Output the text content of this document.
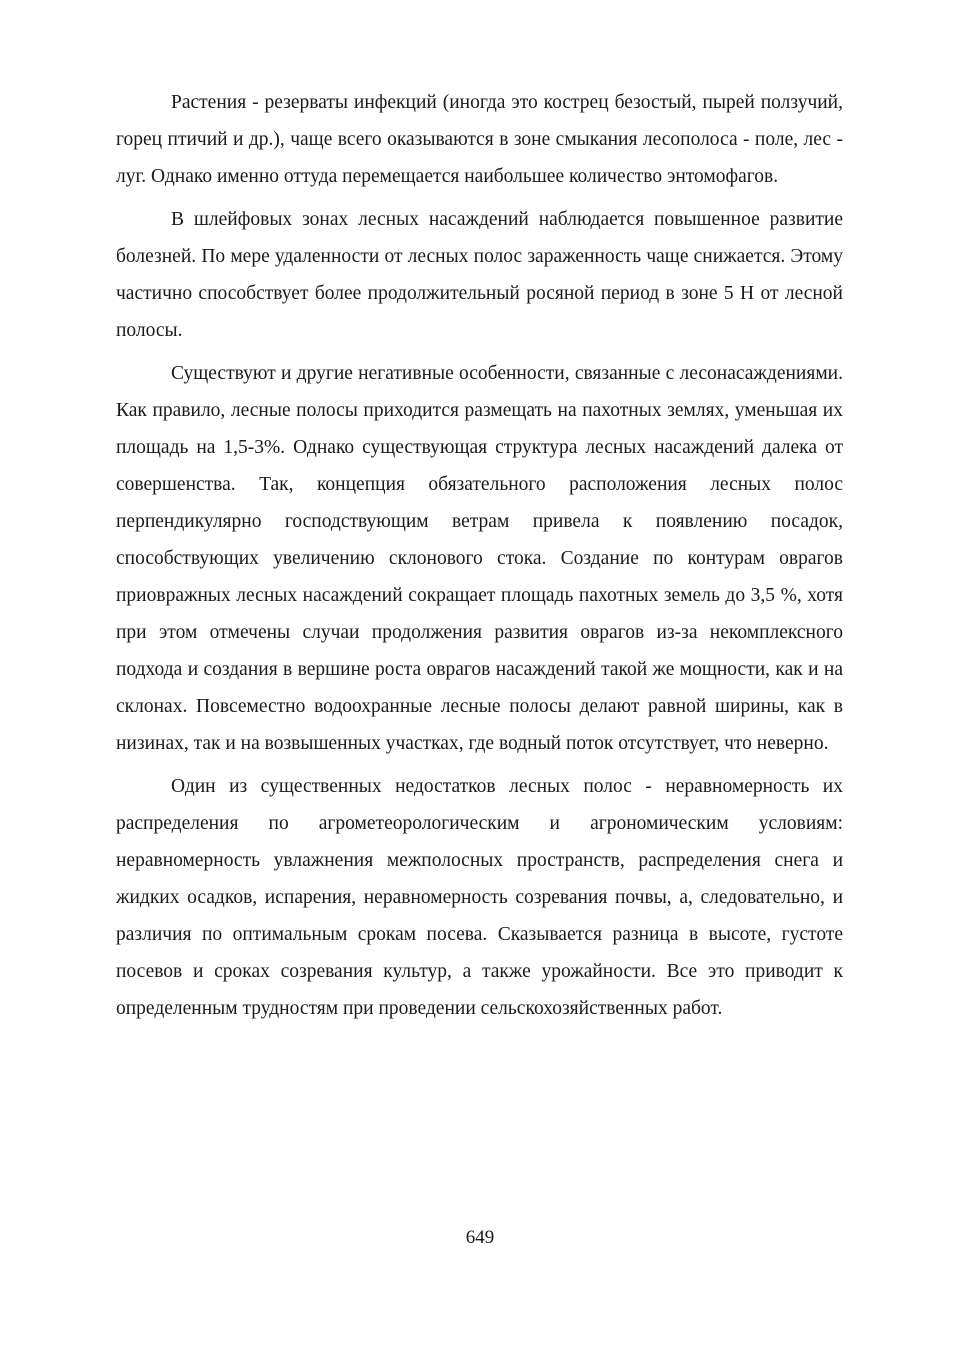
Растения - резерваты инфекций (иногда это кострец безостый, пырей ползучий, горец птичий и др.), чаще всего оказываются в зоне смыкания лесополоса - поле, лес - луг. Однако именно оттуда перемещается наибольшее количество энтомофагов.

В шлейфовых зонах лесных насаждений наблюдается повышенное развитие болезней. По мере удаленности от лесных полос зараженность чаще снижается. Этому частично способствует более продолжительный росяной период в зоне 5 Н от лесной полосы.

Существуют и другие негативные особенности, связанные с лесонасаждениями. Как правило, лесные полосы приходится размещать на пахотных землях, уменьшая их площадь на 1,5-3%. Однако существующая структура лесных насаждений далека от совершенства. Так, концепция обязательного расположения лесных полос перпендикулярно господствующим ветрам привела к появлению посадок, способствующих увеличению склонового стока. Создание по контурам оврагов приовражных лесных насаждений сокращает площадь пахотных земель до 3,5 %, хотя при этом отмечены случаи продолжения развития оврагов из-за некомплексного подхода и создания в вершине роста оврагов насаждений такой же мощности, как и на склонах. Повсеместно водоохранные лесные полосы делают равной ширины, как в низинах, так и на возвышенных участках, где водный поток отсутствует, что неверно.

Один из существенных недостатков лесных полос - неравномерность их распределения по агрометеорологическим и агрономическим условиям: неравномерность увлажнения межполосных пространств, распределения снега и жидких осадков, испарения, неравномерность созревания почвы, а, следовательно, и различия по оптимальным срокам посева. Сказывается разница в высоте, густоте посевов и сроках созревания культур, а также урожайности. Все это приводит к определенным трудностям при проведении сельскохозяйственных работ.

649
